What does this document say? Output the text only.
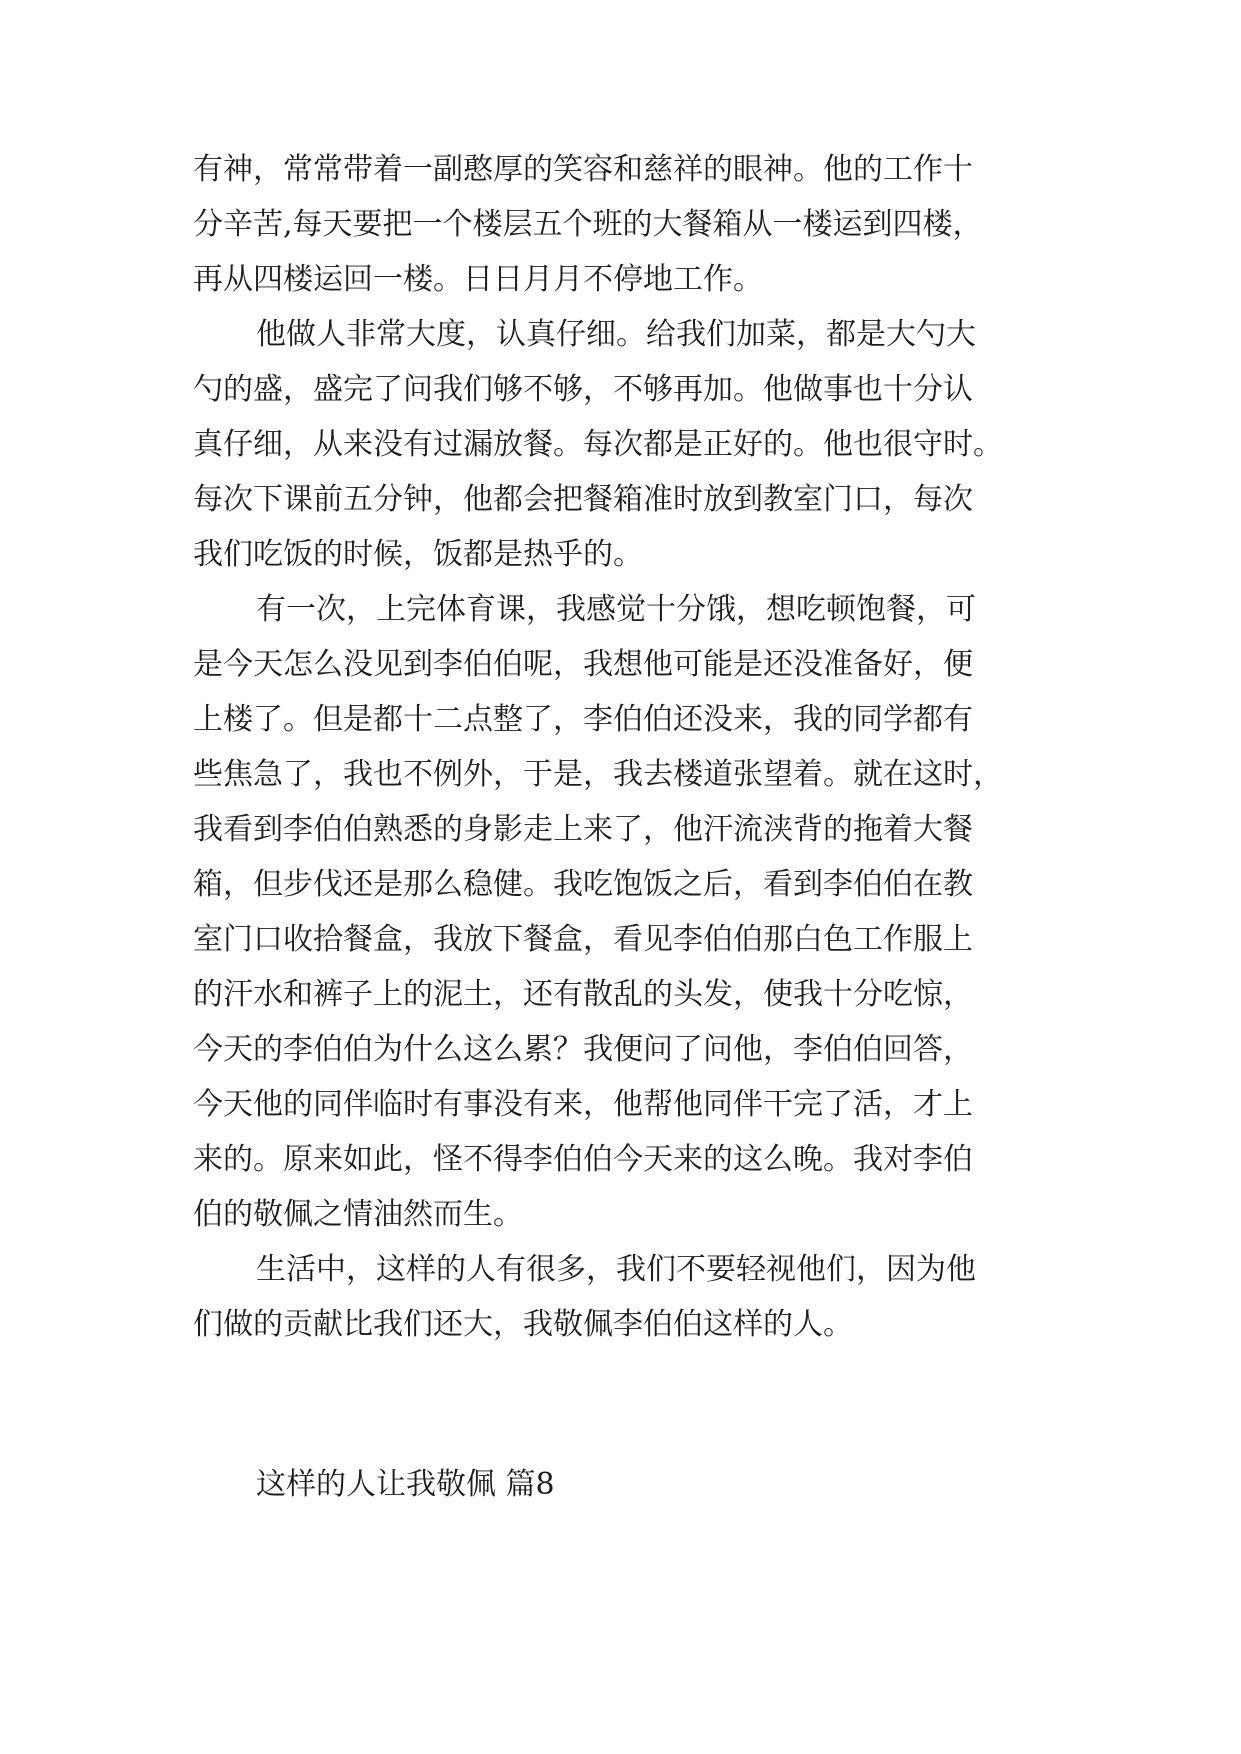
有神，常常带着一副憨厚的笑容和慈祥的眼神。他的工作十

分辛苦,每天要把一个楼层五个班的大餐箱从一楼运到四楼，

再从四楼运回一楼。日日月月不停地工作。

他做人非常大度，认真仔细。给我们加菜，都是大勺大

勺的盛，盛完了问我们够不够，不够再加。他做事也十分认

真仔细，从来没有过漏放餐。每次都是正好的。他也很守时。

每次下课前五分钟，他都会把餐箱准时放到教室门口，每次

我们吃饭的时候，饭都是热乎的。

有一次，上完体育课，我感觉十分饿，想吃顿饱餐，可

是今天怎么没见到李伯伯呢，我想他可能是还没准备好，便

上楼了。但是都十二点整了，李伯伯还没来，我的同学都有

些焦急了，我也不例外，于是，我去楼道张望着。就在这时，

我看到李伯伯熟悉的身影走上来了，他汗流浃背的拖着大餐

箱，但步伐还是那么稳健。我吃饱饭之后，看到李伯伯在教

室门口收拾餐盒，我放下餐盒，看见李伯伯那白色工作服上

的汗水和裤子上的泥土，还有散乱的头发，使我十分吃惊，

今天的李伯伯为什么这么累？我便问了问他，李伯伯回答，

今天他的同伴临时有事没有来，他帮他同伴干完了活，才上

来的。原来如此，怪不得李伯伯今天来的这么晚。我对李伯

伯的敬佩之情油然而生。

生活中，这样的人有很多，我们不要轻视他们，因为他

们做的贡献比我们还大，我敬佩李伯伯这样的人。

这样的人让我敬佩 篇8
